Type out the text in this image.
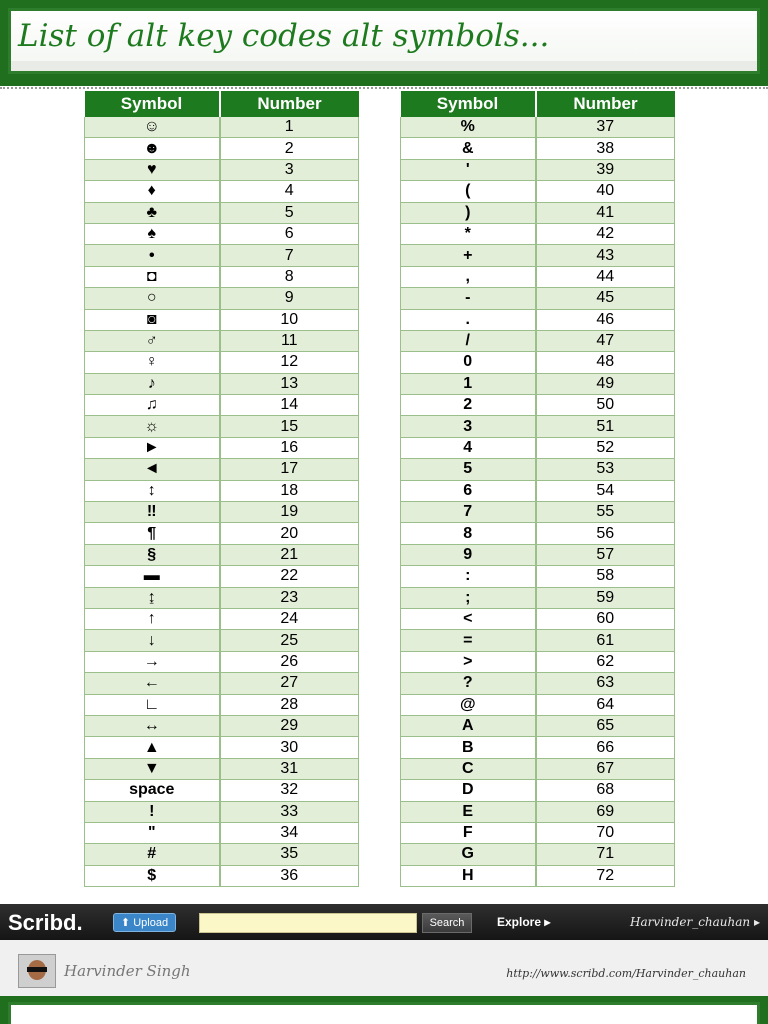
List of alt key codes alt symbols...
Symbol	Number
☺	1
☻	2
♥	3
♦	4
♣	5
♠	6
•	7
◘	8
○	9
◙	10
♂	11
♀	12
♪	13
♫	14
☼	15
►	16
◄	17
↕	18
‼	19
¶	20
§	21
▬	22
↨	23
↑	24
↓	25
→	26
←	27
∟	28
↔	29
▲	30
▼	31
space	32
!	33
"	34
#	35
$	36
Symbol	Number
%	37
&	38
'	39
(	40
)	41
*	42
+	43
,	44
-	45
.	46
/	47
0	48
1	49
2	50
3	51
4	52
5	53
6	54
7	55
8	56
9	57
:	58
;	59
<	60
=	61
>	62
?	63
@	64
A	65
B	66
C	67
D	68
E	69
F	70
G	71
H	72
Scribd.	⬆ Upload	Search	Explore ▸	Harvinder_chauhan ▸
Harvinder Singh	http://www.scribd.com/Harvinder_chauhan
